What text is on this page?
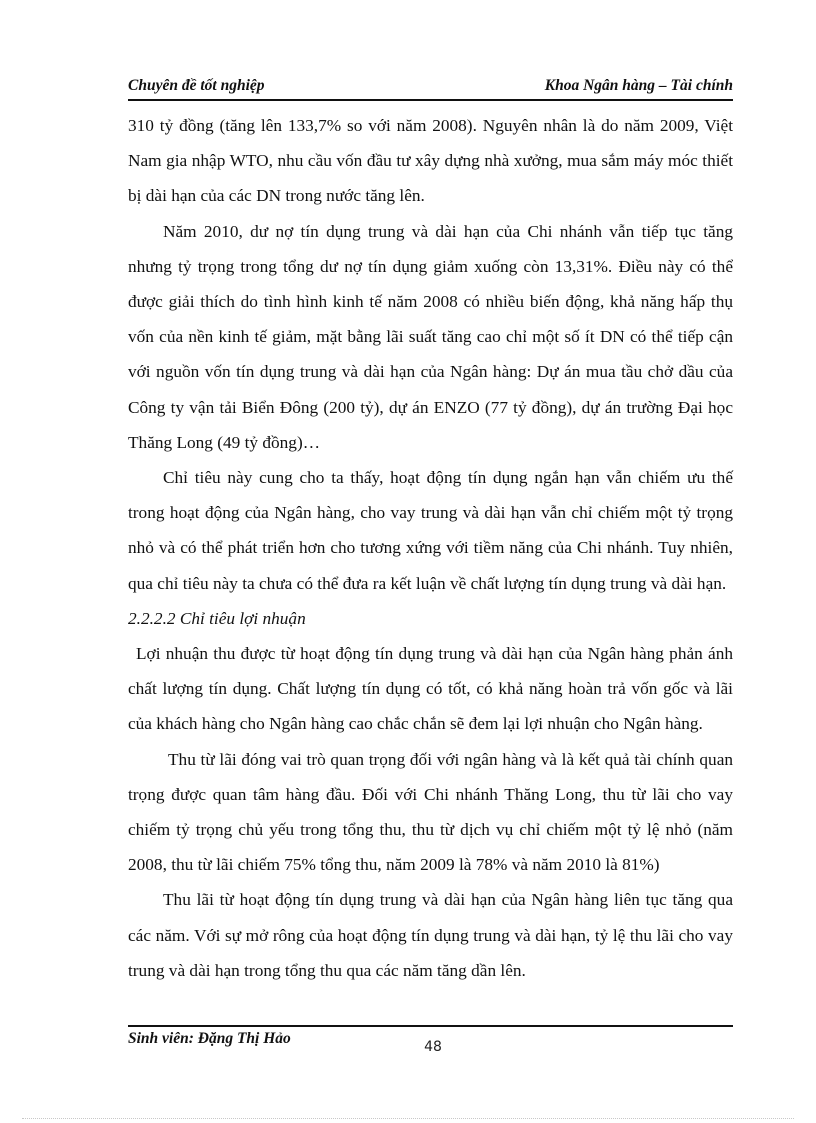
Chuyên đề tốt nghiệp	Khoa Ngân hàng – Tài chính

310 tỷ đồng (tăng lên 133,7% so với năm 2008). Nguyên nhân là do năm 2009, Việt Nam gia nhập WTO, nhu cầu vốn đầu tư xây dựng nhà xưởng, mua sắm máy móc thiết bị dài hạn của các DN trong nước tăng lên.

Năm 2010, dư nợ tín dụng trung và dài hạn của Chi nhánh vẫn tiếp tục tăng nhưng tỷ trọng trong tổng dư nợ tín dụng giảm xuống còn 13,31%. Điều này có thể được giải thích do tình hình kinh tế năm 2008 có nhiều biến động, khả năng hấp thụ vốn của nền kinh tế giảm, mặt bằng lãi suất tăng cao chỉ một số ít DN có thể tiếp cận với nguồn vốn tín dụng trung và dài hạn của Ngân hàng: Dự án mua tầu chở dầu của Công ty vận tải Biển Đông (200 tỷ), dự án ENZO (77 tỷ đồng), dự án trường Đại học Thăng Long (49 tỷ đồng)…

Chỉ tiêu này cung cho ta thấy, hoạt động tín dụng ngắn hạn vẫn chiếm ưu thế trong hoạt động của Ngân hàng, cho vay trung và dài hạn vẫn chỉ chiếm một tỷ trọng nhỏ và có thể phát triển hơn cho tương xứng với tiềm năng của Chi nhánh. Tuy nhiên, qua chỉ tiêu này ta chưa có thể đưa ra kết luận về chất lượng tín dụng trung và dài hạn.

2.2.2.2 Chỉ tiêu lợi nhuận

Lợi nhuận thu được từ hoạt động tín dụng trung và dài hạn của Ngân hàng phản ánh chất lượng tín dụng. Chất lượng tín dụng có tốt, có khả năng hoàn trả vốn gốc và lãi của khách hàng cho Ngân hàng cao chắc chắn sẽ đem lại lợi nhuận cho Ngân hàng.

Thu từ lãi đóng vai trò quan trọng đối với ngân hàng và là kết quả tài chính quan trọng được quan tâm hàng đầu. Đối với Chi nhánh Thăng Long, thu từ lãi cho vay chiếm tỷ trọng chủ yếu trong tổng thu, thu từ dịch vụ chỉ chiếm một tỷ lệ nhỏ (năm 2008, thu từ lãi chiếm 75% tổng thu, năm 2009 là 78% và năm 2010 là 81%)

Thu lãi từ hoạt động tín dụng trung và dài hạn của Ngân hàng liên tục tăng qua các năm. Với sự mở rông của hoạt động tín dụng trung và dài hạn, tỷ lệ thu lãi cho vay trung và dài hạn trong tổng thu qua các năm tăng dần lên.

Sinh viên: Đặng Thị Hảo	48
